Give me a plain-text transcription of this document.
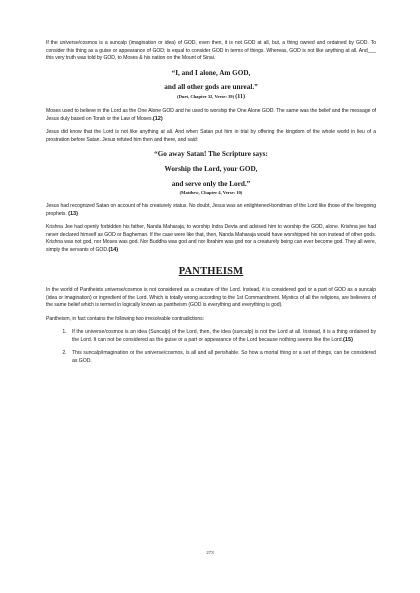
If the universe/cosmos is a suncalp (imagination or idea) of GOD, even then, it is not GOD at all, but, a thing owned and ordained by GOD. To consider this thing as a guise or appearance of GOD; is equal to consider GOD in terms of things. Whereas, GOD is not like anything at all. And___ this very truth was told by GOD, to Moses & his nation on the Mount of Sinai.

“I, and I alone, Am GOD,
and all other gods are unreal.”
(Duet, Chapter 32, Verse: 39) (11)

Moses used to believe in the Lord as the One Alone GOD and he used to worship the One Alone GOD. The same was the belief and the message of Jesus duly based on Torah or the Law of Moses.(12)

Jesus did know that the Lord is not like anything at all. And when Satan put him in trial by offering the kingdom of the whole world in lieu of a prostration before Satan. Jesus refuted him then and there, and said:

“Go away Satan! The Scripture says:
Worship the Lord, your GOD,
and serve only the Lord.”
(Matthew, Chapter 4, Verse: 10)

Jesus had recognized Satan on account of his creaturely status. No doubt, Jesus was an enlightened-bondman of the Lord like those of the foregoing prophets. (13)

Krishna Jee had openly forbidden his father, Nanda Maharaja, to worship Indra Devta and advised him to worship the GOD, alone. Krishna jee had never declared himself as GOD or Bagheman. If the case were like that, then, Nanda Maharaja would have worshipped his son instead of other gods. Krishna was not god, nor Moses was god. Nor Buddha was god and nor Ibrahim was god nor a creaturely being can ever become god. They all were, simply the servants of GOD.(14)

PANTHEISM

In the world of Pantheists universe/cosmos is not considered as a creature of the Lord. Instead, it is considered god or a part of GOD as a suncalp (idea or imagination) or ingredient of the Lord. Which is totally wrong according to the 1st Commandment. Mystics of all the religions, are believers of the same belief which is termed in logically known as pantheism (GOD is everything and everything is god).

Pantheism, in fact contains the following two irresolvable contradictions:

1. If the universe/cosmos is an idea (Suncalp) of the Lord, then, the idea (suncalp) is not the Lord at all. Instead, it is a thing ordained by the Lord. It can not be considered as the guise or a part or appearance of the Lord because nothing seems like the Lord.(15)
2. This suncalp/imagination or the universe/cosmos, is all and all perishable. So how a mortal thing or a set of things, can be considered as GOD.
273
